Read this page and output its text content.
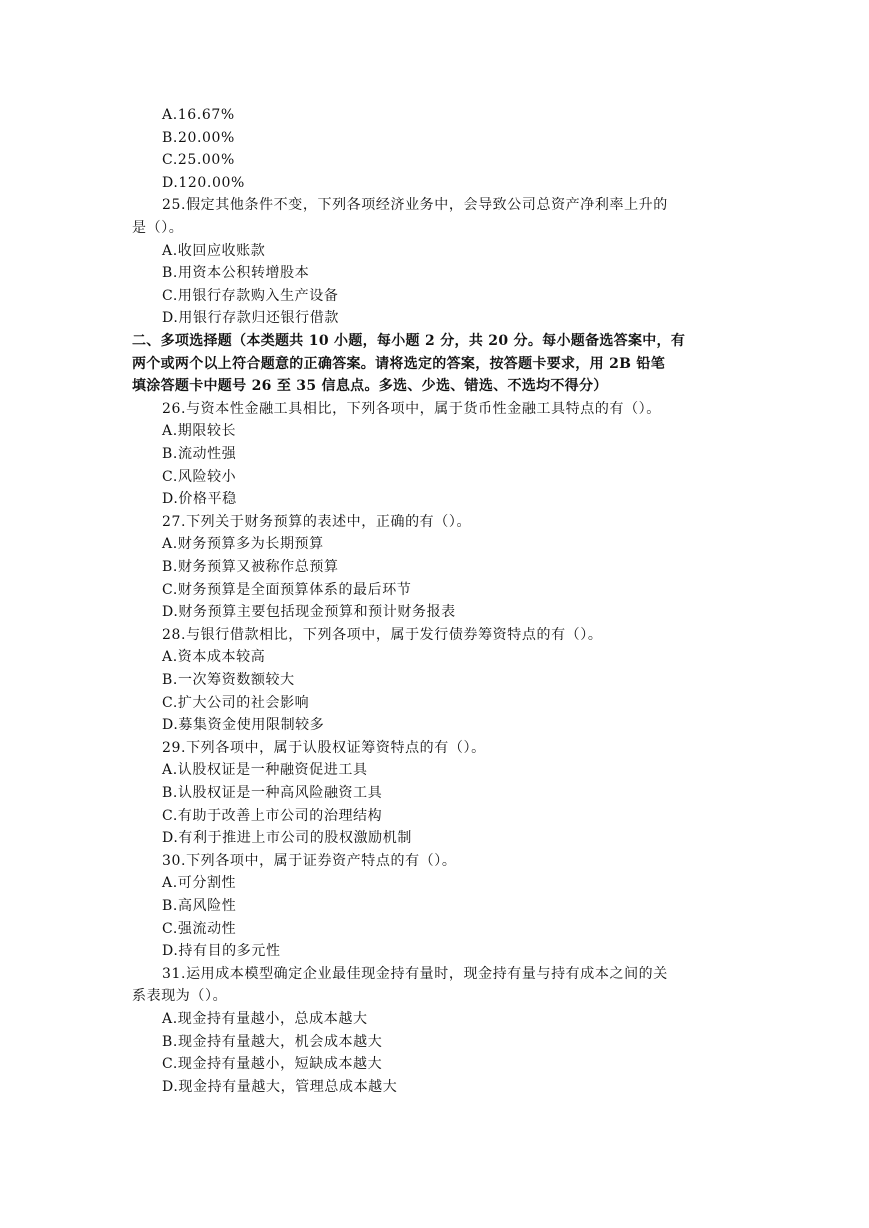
A.16.67%
B.20.00%
C.25.00%
D.120.00%
25.假定其他条件不变，下列各项经济业务中，会导致公司总资产净利率上升的
是（）。
A.收回应收账款
B.用资本公积转增股本
C.用银行存款购入生产设备
D.用银行存款归还银行借款
二、多项选择题（本类题共 10 小题，每小题 2 分，共 20 分。每小题备选答案中，有
两个或两个以上符合题意的正确答案。请将选定的答案，按答题卡要求，用 2B 铅笔
填涂答题卡中题号 26 至 35 信息点。多选、少选、错选、不选均不得分）
26.与资本性金融工具相比，下列各项中，属于货币性金融工具特点的有（）。
A.期限较长
B.流动性强
C.风险较小
D.价格平稳
27.下列关于财务预算的表述中，正确的有（）。
A.财务预算多为长期预算
B.财务预算又被称作总预算
C.财务预算是全面预算体系的最后环节
D.财务预算主要包括现金预算和预计财务报表
28.与银行借款相比，下列各项中，属于发行债券筹资特点的有（）。
A.资本成本较高
B.一次筹资数额较大
C.扩大公司的社会影响
D.募集资金使用限制较多
29.下列各项中，属于认股权证筹资特点的有（）。
A.认股权证是一种融资促进工具
B.认股权证是一种高风险融资工具
C.有助于改善上市公司的治理结构
D.有利于推进上市公司的股权激励机制
30.下列各项中，属于证券资产特点的有（）。
A.可分割性
B.高风险性
C.强流动性
D.持有目的多元性
31.运用成本模型确定企业最佳现金持有量时，现金持有量与持有成本之间的关
系表现为（）。
A.现金持有量越小，总成本越大
B.现金持有量越大，机会成本越大
C.现金持有量越小，短缺成本越大
D.现金持有量越大，管理总成本越大
